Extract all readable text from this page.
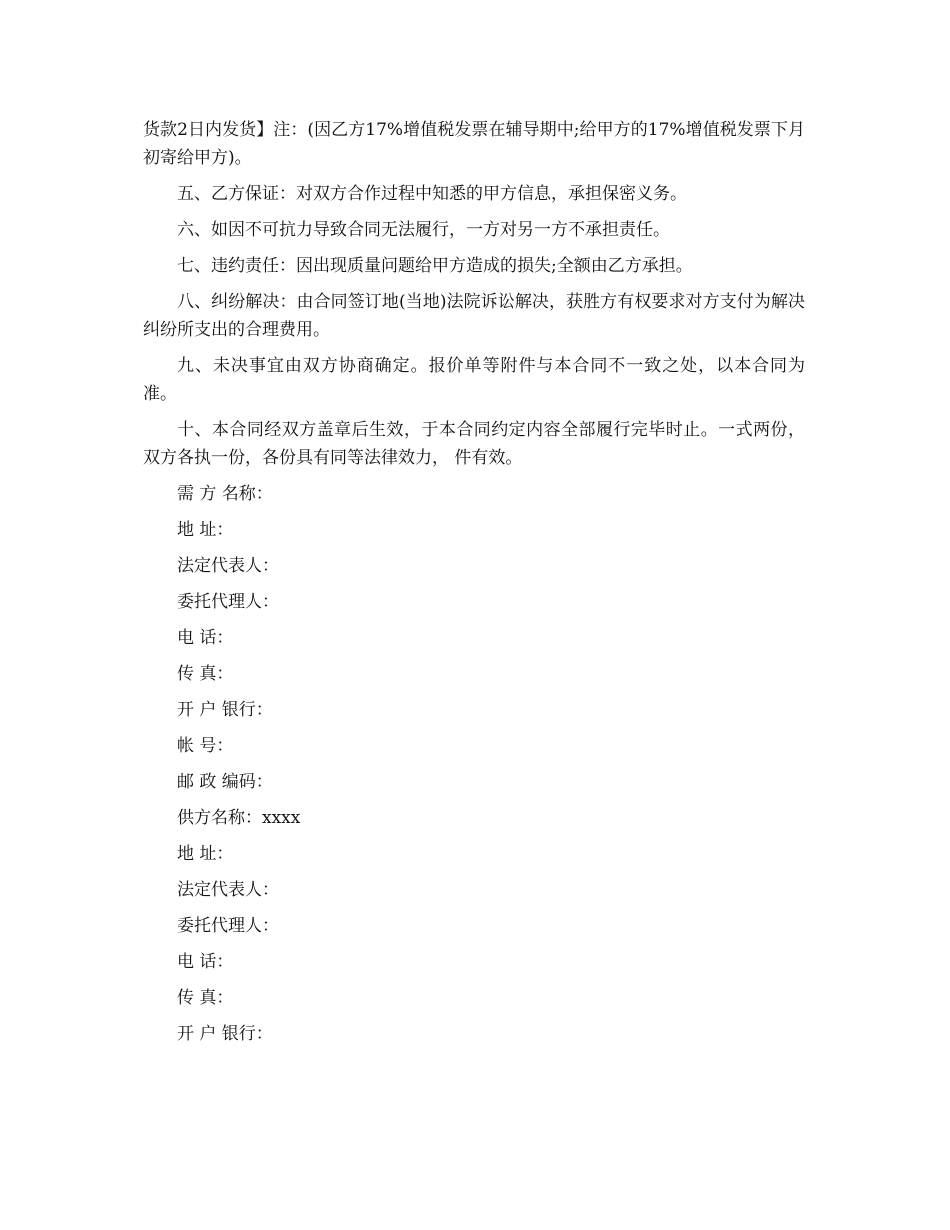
货款2日内发货】注：(因乙方17%增值税发票在辅导期中;给甲方的17%增值税发票下月初寄给甲方)。

五、乙方保证：对双方合作过程中知悉的甲方信息，承担保密义务。

六、如因不可抗力导致合同无法履行，一方对另一方不承担责任。

七、违约责任：因出现质量问题给甲方造成的损失;全额由乙方承担。

八、纠纷解决：由合同签订地(当地)法院诉讼解决，获胜方有权要求对方支付为解决纠纷所支出的合理费用。

九、未决事宜由双方协商确定。报价单等附件与本合同不一致之处，以本合同为准。

十、本合同经双方盖章后生效，于本合同约定内容全部履行完毕时止。一式两份，双方各执一份，各份具有同等法律效力， 件有效。

需 方 名称：
地 址：
法定代表人：
委托代理人：
电 话：
传 真：
开 户 银行：
帐 号：
邮 政 编码：
供方名称：xxxx
地 址：
法定代表人：
委托代理人：
电 话：
传 真：
开 户 银行：
